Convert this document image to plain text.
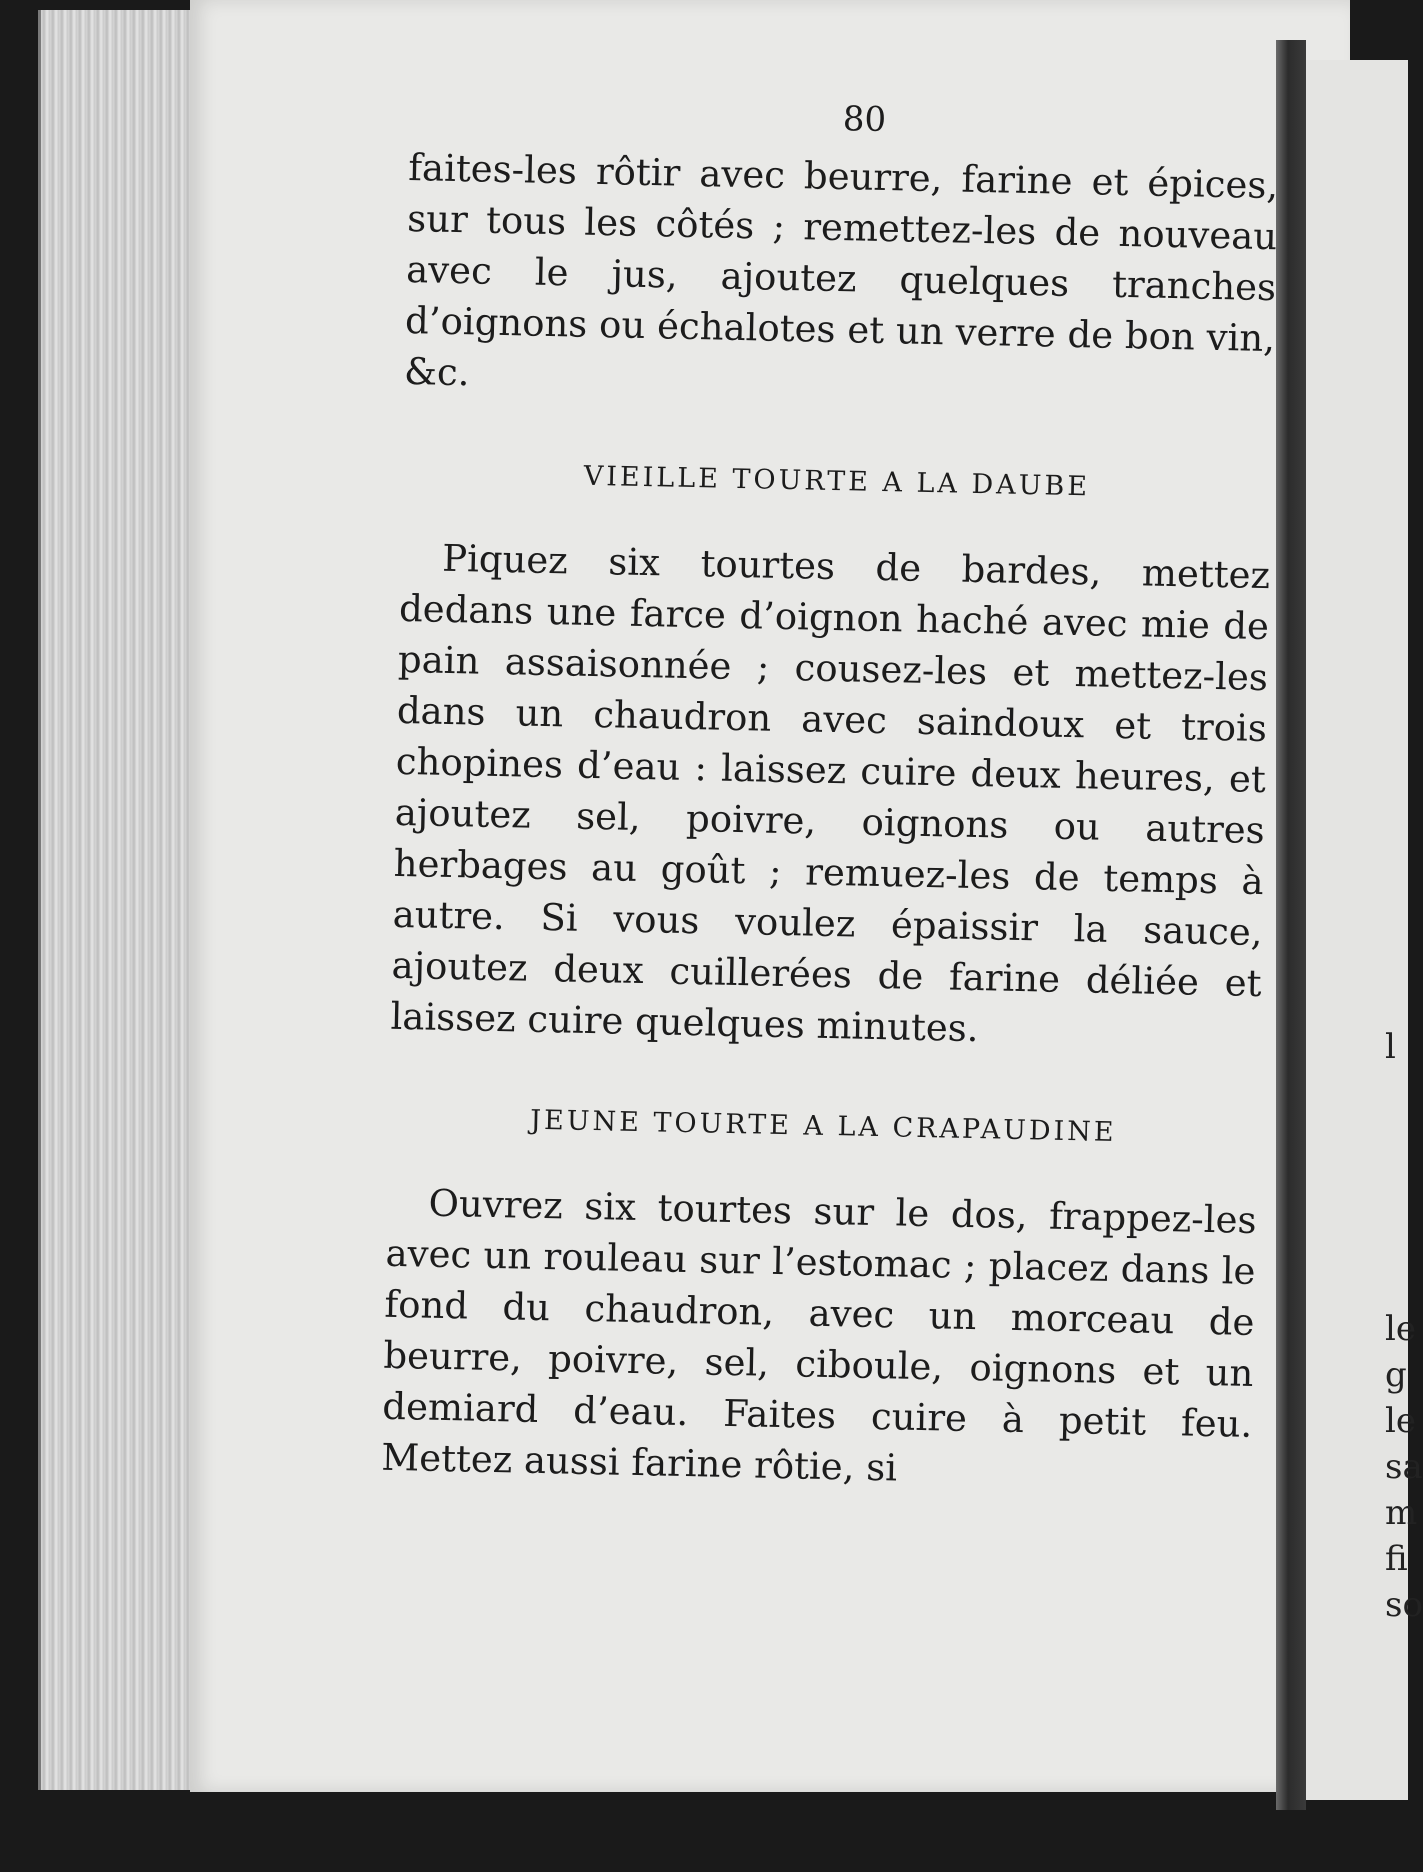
l
le
g
le
sa
m
fi
so
80

faites-les rôtir avec beurre, farine et épices, sur tous les côtés ; remettez-les de nouveau avec le jus, ajoutez quelques tranches d’oignons ou échalotes et un verre de bon vin, &c.

VIEILLE TOURTE A LA DAUBE

Piquez six tourtes de bardes, mettez dedans une farce d’oignon haché avec mie de pain assaisonnée ; cousez-les et mettez-les dans un chaudron avec saindoux et trois chopines d’eau : laissez cuire deux heures, et ajoutez sel, poivre, oignons ou autres herbages au goût ; remuez-les de temps à autre. Si vous voulez épaissir la sauce, ajoutez deux cuillerées de farine déliée et laissez cuire quelques minutes.

JEUNE TOURTE A LA CRAPAUDINE

Ouvrez six tourtes sur le dos, frappez-les avec un rouleau sur l’estomac ; placez dans le fond du chaudron, avec un morceau de beurre, poivre, sel, ciboule, oignons et un demiard d’eau. Faites cuire à petit feu. Mettez aussi farine rôtie, si
